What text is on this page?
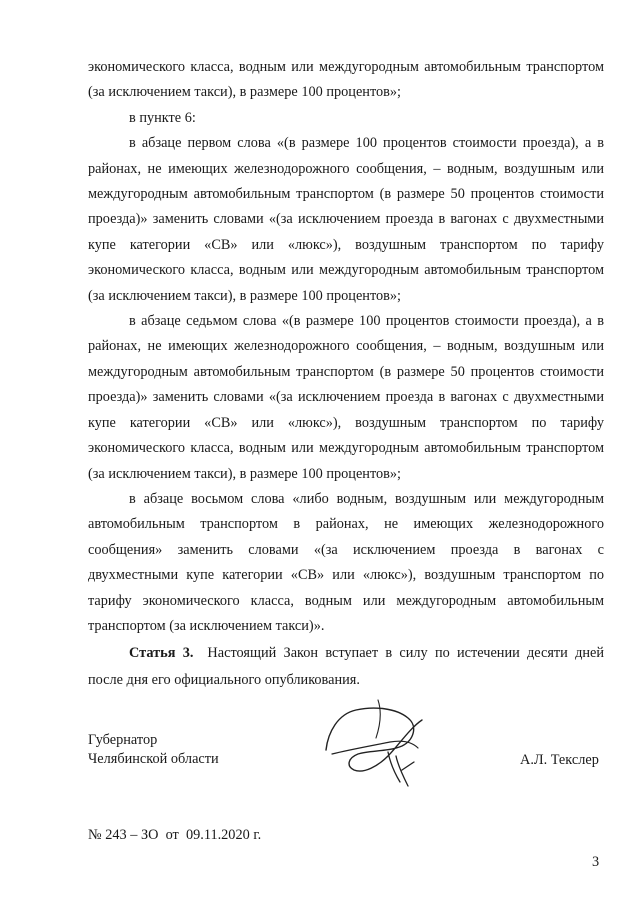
экономического класса, водным или междугородным автомобильным транспортом (за исключением такси), в размере 100 процентов»;

в пункте 6:

в абзаце первом слова «(в размере 100 процентов стоимости проезда), а в районах, не имеющих железнодорожного сообщения, – водным, воздушным или междугородным автомобильным транспортом (в размере 50 процентов стоимости проезда)» заменить словами «(за исключением проезда в вагонах с двухместными купе категории «СВ» или «люкс»), воздушным транспортом по тарифу экономического класса, водным или междугородным автомобильным транспортом (за исключением такси), в размере 100 процентов»;

в абзаце седьмом слова «(в размере 100 процентов стоимости проезда), а в районах, не имеющих железнодорожного сообщения, – водным, воздушным или междугородным автомобильным транспортом (в размере 50 процентов стоимости проезда)» заменить словами «(за исключением проезда в вагонах с двухместными купе категории «СВ» или «люкс»), воздушным транспортом по тарифу экономического класса, водным или междугородным автомобильным транспортом (за исключением такси), в размере 100 процентов»;

в абзаце восьмом слова «либо водным, воздушным или междугородным автомобильным транспортом в районах, не имеющих железнодорожного сообщения» заменить словами «(за исключением проезда в вагонах с двухместными купе категории «СВ» или «люкс»), воздушным транспортом по тарифу экономического класса, водным или междугородным автомобильным транспортом (за исключением такси)».

Статья 3. Настоящий Закон вступает в силу по истечении десяти дней после дня его официального опубликования.
Губернатор
Челябинской области	А.Л. Текслер
№ 243 – ЗО  от  09.11.2020 г.
3
